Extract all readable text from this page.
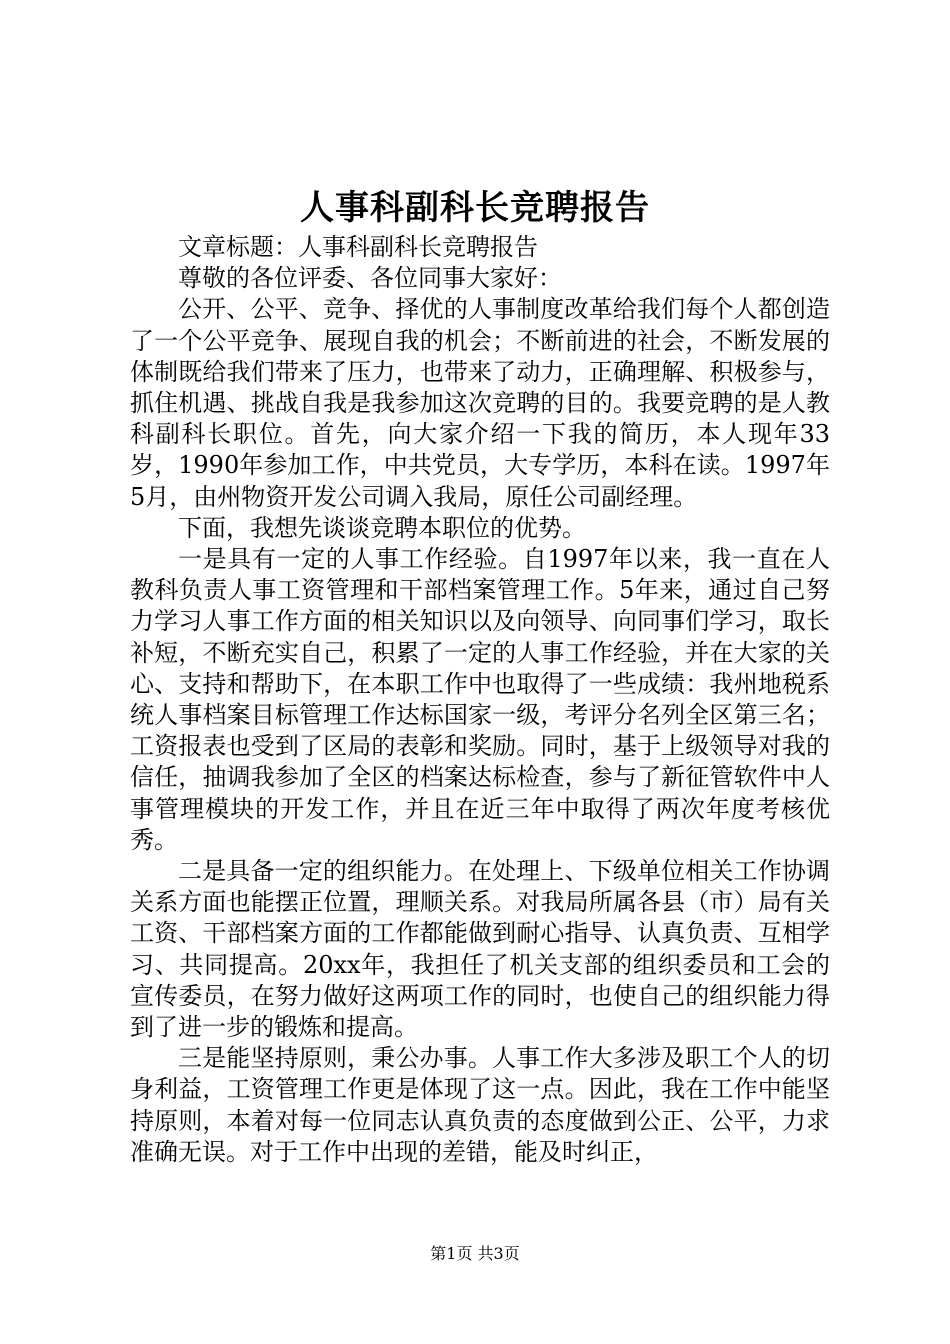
人事科副科长竞聘报告

文章标题：人事科副科长竞聘报告

尊敬的各位评委、各位同事大家好：

公开、公平、竞争、择优的人事制度改革给我们每个人都创造了一个公平竞争、展现自我的机会；不断前进的社会，不断发展的体制既给我们带来了压力，也带来了动力，正确理解、积极参与，抓住机遇、挑战自我是我参加这次竞聘的目的。我要竞聘的是人教科副科长职位。首先，向大家介绍一下我的简历，本人现年33岁，1990年参加工作，中共党员，大专学历，本科在读。1997年5月，由州物资开发公司调入我局，原任公司副经理。

下面，我想先谈谈竞聘本职位的优势。

一是具有一定的人事工作经验。自1997年以来，我一直在人教科负责人事工资管理和干部档案管理工作。5年来，通过自己努力学习人事工作方面的相关知识以及向领导、向同事们学习，取长补短，不断充实自己，积累了一定的人事工作经验，并在大家的关心、支持和帮助下，在本职工作中也取得了一些成绩：我州地税系统人事档案目标管理工作达标国家一级，考评分名列全区第三名；工资报表也受到了区局的表彰和奖励。同时，基于上级领导对我的信任，抽调我参加了全区的档案达标检查，参与了新征管软件中人事管理模块的开发工作，并且在近三年中取得了两次年度考核优秀。

二是具备一定的组织能力。在处理上、下级单位相关工作协调关系方面也能摆正位置，理顺关系。对我局所属各县（市）局有关工资、干部档案方面的工作都能做到耐心指导、认真负责、互相学习、共同提高。20xx年，我担任了机关支部的组织委员和工会的宣传委员，在努力做好这两项工作的同时，也使自己的组织能力得到了进一步的锻炼和提高。

三是能坚持原则，秉公办事。人事工作大多涉及职工个人的切身利益，工资管理工作更是体现了这一点。因此，我在工作中能坚持原则，本着对每一位同志认真负责的态度做到公正、公平，力求准确无误。对于工作中出现的差错，能及时纠正，

第1页 共3页
